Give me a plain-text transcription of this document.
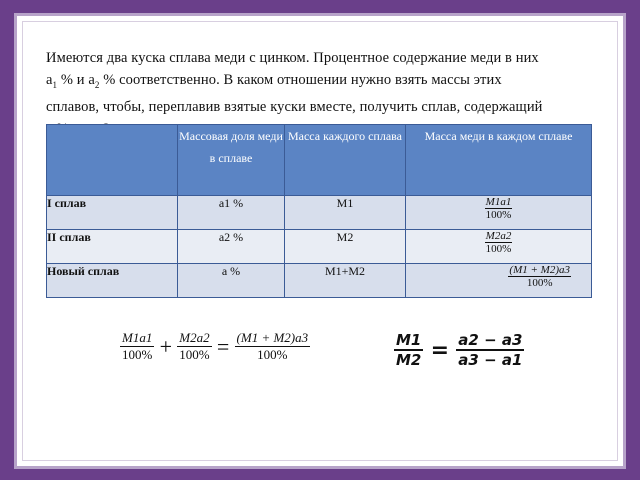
Имеются два куска сплава меди с цинком. Процентное содержание меди в них
$a_1$ % и $a_2$ % соответственно. В каком отношении нужно взять массы этих
сплавов, чтобы, переплавив взятые куски вместе, получить сплав, содержащий
	Массовая доля меди в сплаве	Масса каждого сплава	Масса меди в каждом сплаве
I сплав	a1 %	M1	$\frac{M1a1}{100\%}$

II сплав	a2 %	M2	$\frac{M2a2}{100\%}$

Новый сплав	a %	M1+M2	$\frac{(M1 + M2)a3}{100\%}$
$\frac{M1a1}{100\%} + \frac{M2a2}{100\%} = \frac{(M1 + M2)a3}{100\%}$	$\frac{M1}{M2} = \frac{a2 - a3}{a3 - a1}$
